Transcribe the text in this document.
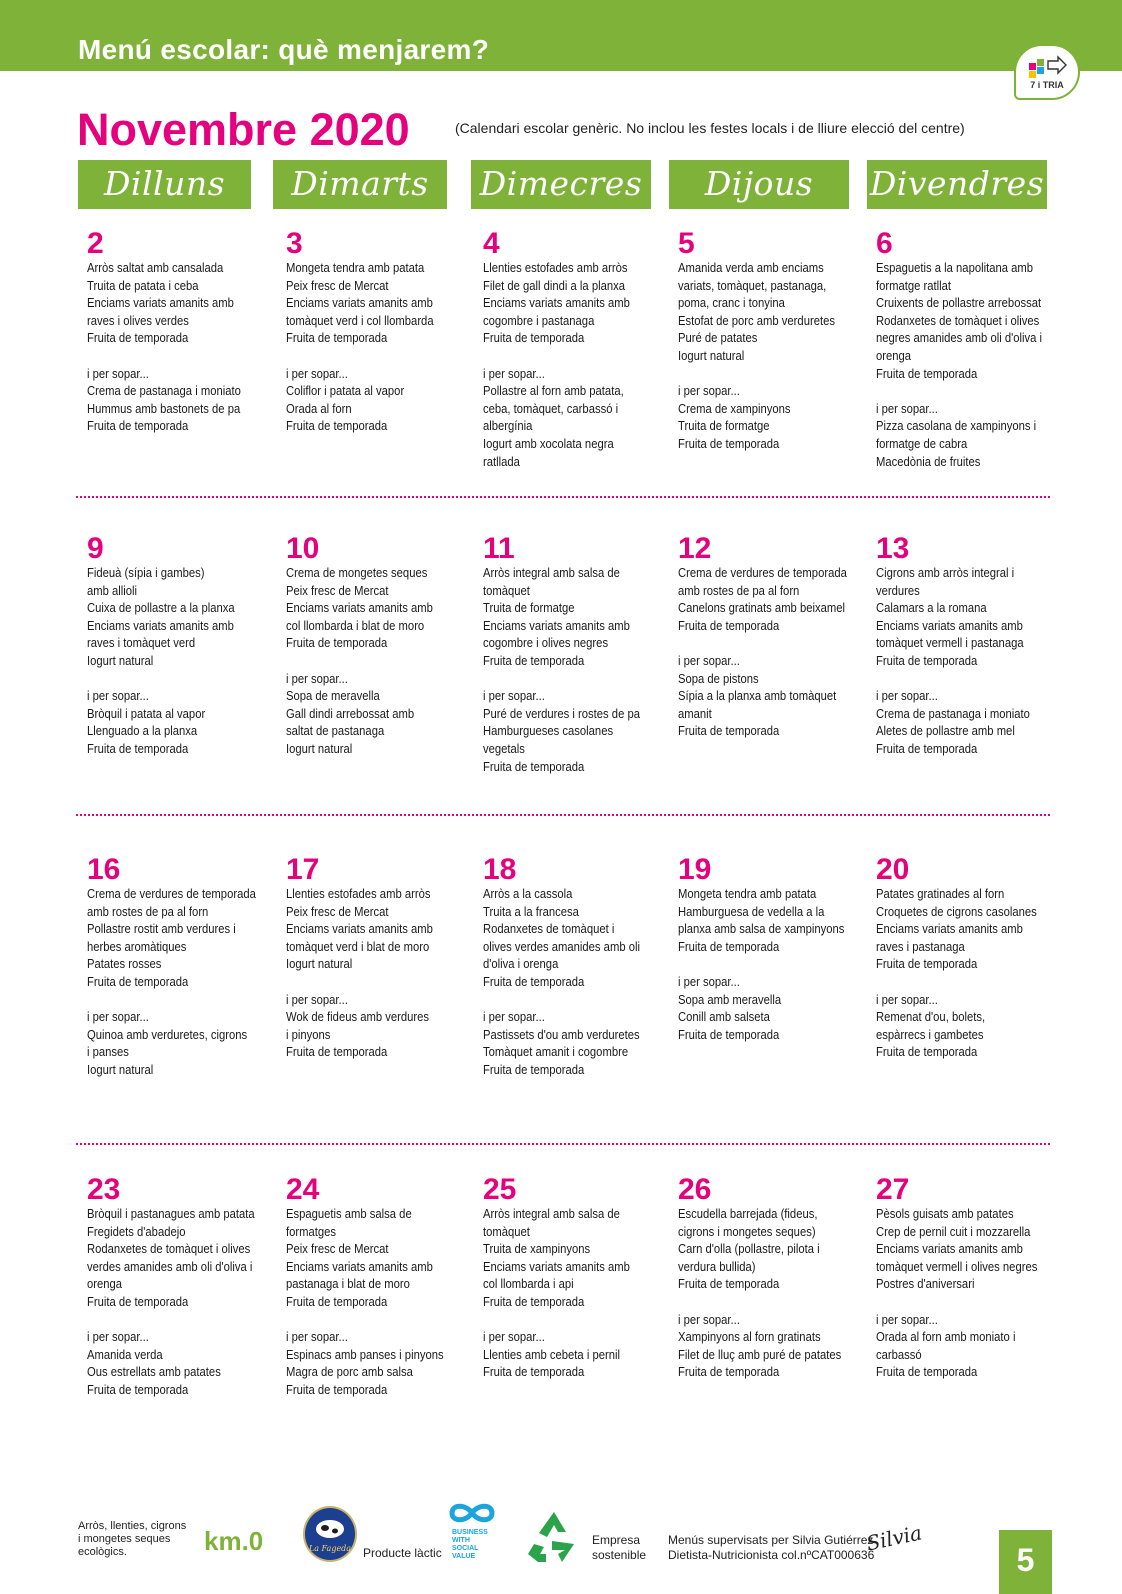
Menú escolar: què menjarem?
7 i TRIA
Novembre 2020	(Calendari escolar genèric. No inclou les festes locals i de lliure elecció del centre)
Dilluns	Dimarts	Dimecres	Dijous	Divendres
2
Arròs saltat amb cansalada
Truita de patata i ceba
Enciams variats amanits amb
raves i olives verdes
Fruita de temporada
i per sopar...
Crema de pastanaga i moniato
Hummus amb bastonets de pa
Fruita de temporada
3
Mongeta tendra amb patata
Peix fresc de Mercat
Enciams variats amanits amb
tomàquet verd i col llombarda
Fruita de temporada
i per sopar...
Coliflor i patata al vapor
Orada al forn
Fruita de temporada
4
Llenties estofades amb arròs
Filet de gall dindi a la planxa
Enciams variats amanits amb
cogombre i pastanaga
Fruita de temporada
i per sopar...
Pollastre al forn amb patata,
ceba, tomàquet, carbassó i
albergínia
Iogurt amb xocolata negra
ratllada
5
Amanida verda amb enciams
variats, tomàquet, pastanaga,
poma, cranc i tonyina
Estofat de porc amb verduretes
Puré de patates
Iogurt natural
i per sopar...
Crema de xampinyons
Truita de formatge
Fruita de temporada
6
Espaguetis a la napolitana amb
formatge ratllat
Cruixents de pollastre arrebossat
Rodanxetes de tomàquet i olives
negres amanides amb oli d'oliva i
orenga
Fruita de temporada
i per sopar...
Pizza casolana de xampinyons i
formatge de cabra
Macedònia de fruites
9
Fideuà (sípia i gambes)
amb allioli
Cuixa de pollastre a la planxa
Enciams variats amanits amb
raves i tomàquet verd
Iogurt natural
i per sopar...
Bròquil i patata al vapor
Llenguado a la planxa
Fruita de temporada
10
Crema de mongetes seques
Peix fresc de Mercat
Enciams variats amanits amb
col llombarda i blat de moro
Fruita de temporada
i per sopar...
Sopa de meravella
Gall dindi arrebossat amb
saltat de pastanaga
Iogurt natural
11
Arròs integral amb salsa de
tomàquet
Truita de formatge
Enciams variats amanits amb
cogombre i olives negres
Fruita de temporada
i per sopar...
Puré de verdures i rostes de pa
Hamburgueses casolanes
vegetals
Fruita de temporada
12
Crema de verdures de temporada
amb rostes de pa al forn
Canelons gratinats amb beixamel
Fruita de temporada
i per sopar...
Sopa de pistons
Sípia a la planxa amb tomàquet
amanit
Fruita de temporada
13
Cigrons amb arròs integral i
verdures
Calamars a la romana
Enciams variats amanits amb
tomàquet vermell i pastanaga
Fruita de temporada
i per sopar...
Crema de pastanaga i moniato
Aletes de pollastre amb mel
Fruita de temporada
16
Crema de verdures de temporada
amb rostes de pa al forn
Pollastre rostit amb verdures i
herbes aromàtiques
Patates rosses
Fruita de temporada
i per sopar...
Quinoa amb verduretes, cigrons
i panses
Iogurt natural
17
Llenties estofades amb arròs
Peix fresc de Mercat
Enciams variats amanits amb
tomàquet verd i blat de moro
Iogurt natural
i per sopar...
Wok de fideus amb verdures
i pinyons
Fruita de temporada
18
Arròs a la cassola
Truita a la francesa
Rodanxetes de tomàquet i
olives verdes amanides amb oli
d'oliva i orenga
Fruita de temporada
i per sopar...
Pastissets d'ou amb verduretes
Tomàquet amanit i cogombre
Fruita de temporada
19
Mongeta tendra amb patata
Hamburguesa de vedella a la
planxa amb salsa de xampinyons
Fruita de temporada
i per sopar...
Sopa amb meravella
Conill amb salseta
Fruita de temporada
20
Patates gratinades al forn
Croquetes de cigrons casolanes
Enciams variats amanits amb
raves i pastanaga
Fruita de temporada
i per sopar...
Remenat d'ou, bolets,
espàrrecs i gambetes
Fruita de temporada
23
Bròquil i pastanagues amb patata
Fregidets d'abadejo
Rodanxetes de tomàquet i olives
verdes amanides amb oli d'oliva i
orenga
Fruita de temporada
i per sopar...
Amanida verda
Ous estrellats amb patates
Fruita de temporada
24
Espaguetis amb salsa de
formatges
Peix fresc de Mercat
Enciams variats amanits amb
pastanaga i blat de moro
Fruita de temporada
i per sopar...
Espinacs amb panses i pinyons
Magra de porc amb salsa
Fruita de temporada
25
Arròs integral amb salsa de
tomàquet
Truita de xampinyons
Enciams variats amanits amb
col llombarda i api
Fruita de temporada
i per sopar...
Llenties amb cebeta i pernil
Fruita de temporada
26
Escudella barrejada (fideus,
cigrons i mongetes seques)
Carn d'olla (pollastre, pilota i
verdura bullida)
Fruita de temporada
i per sopar...
Xampinyons al forn gratinats
Filet de lluç amb puré de patates
Fruita de temporada
27
Pèsols guisats amb patates
Crep de pernil cuit i mozzarella
Enciams variats amanits amb
tomàquet vermell i olives negres
Postres d'aniversari
i per sopar...
Orada al forn amb moniato i
carbassó
Fruita de temporada
Arròs, llenties, cigrons
i mongetes seques
ecològics.	km.0	La Fageda Producte làctic
BUSINESS
WITH
SOCIAL
VALUE
Empresa
sostenible
Menús supervisats per Silvia Gutiérrez
Dietista-Nutricionista col.nºCAT000636
Silvia
5
